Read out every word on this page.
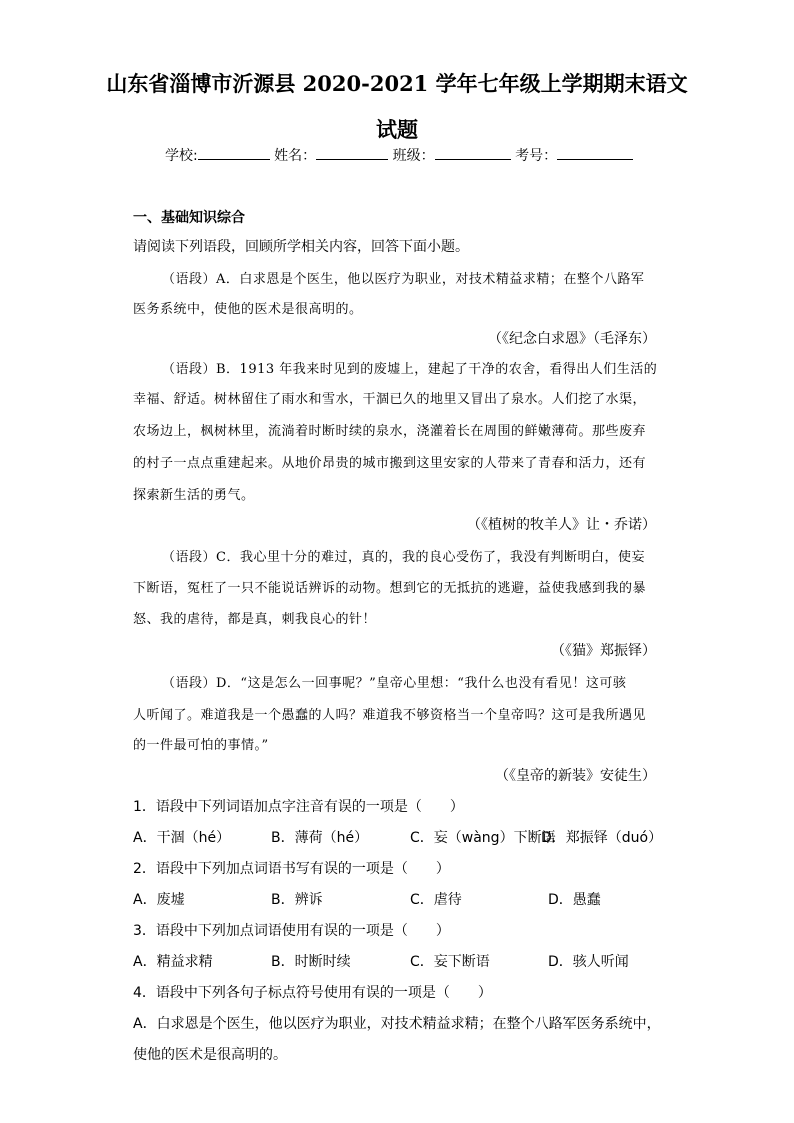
山东省淄博市沂源县 2020-2021 学年七年级上学期期末语文
试题
学校:	姓名：	班级：	考号：
一、基础知识综合
请阅读下列语段，回顾所学相关内容，回答下面小题。
（语段）A．白求恩是个医生，他以医疗为职业，对技术精益求精；在整个八路军
医务系统中，使他的医术是很高明的。
（《纪念白求恩》（毛泽东）
（语段）B．1913 年我来时见到的废墟上，建起了干净的农舍，看得出人们生活的
幸福、舒适。树林留住了雨水和雪水，干涸已久的地里又冒出了泉水。人们挖了水渠，
农场边上，枫树林里，流淌着时断时续的泉水，浇灌着长在周围的鲜嫩薄荷。那些废弃
的村子一点点重建起来。从地价昂贵的城市搬到这里安家的人带来了青春和活力，还有
探索新生活的勇气。
（《植树的牧羊人》让・乔诺）
（语段）C．我心里十分的难过，真的，我的良心受伤了，我没有判断明白，使妄
下断语，冤枉了一只不能说话辨诉的动物。想到它的无抵抗的逃避，益使我感到我的暴
怒、我的虐待，都是真，刺我良心的针！
（《猫》郑振铎）
（语段）D．“这是怎么一回事呢？”皇帝心里想：“我什么也没有看见！这可骇
人听闻了。难道我是一个愚蠢的人吗？难道我不够资格当一个皇帝吗？这可是我所遇见
的一件最可怕的事情。”
（《皇帝的新装》安徒生）
1．语段中下列词语加点字注音有误的一项是（　　）
A．干涸（hé）	B．薄荷（hé）	C．妄（wàng）下断语
D．郑振铎（duó）
2．语段中下列加点词语书写有误的一项是（　　）
A．废墟	B．辨诉	C．虐待	D．愚蠢
3．语段中下列加点词语使用有误的一项是（　　）
A．精益求精	B．时断时续	C．妄下断语	D．骇人听闻
4．语段中下列各句子标点符号使用有误的一项是（　　）
A．白求恩是个医生，他以医疗为职业，对技术精益求精；在整个八路军医务系统中，
使他的医术是很高明的。
